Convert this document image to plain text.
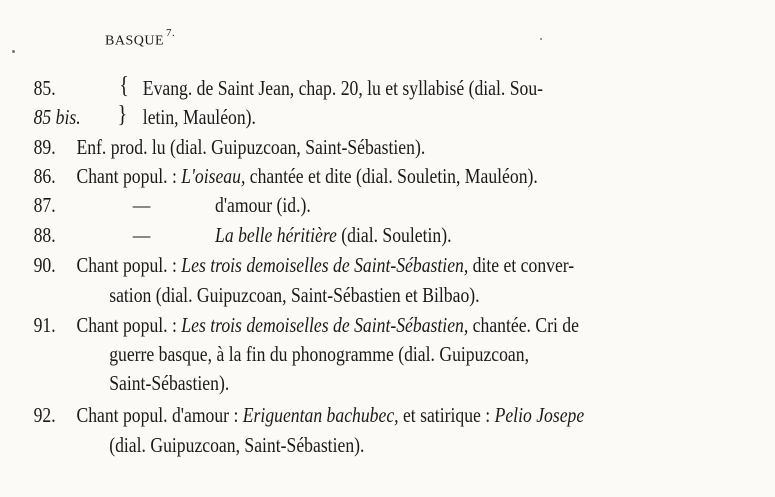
$BASQUE^{7.}$
85.	{ Evang. de Saint Jean, chap. 20, lu et syllabisé (dial. Sou-
85 bis. } letin, Mauléon).
89. Enf. prod. lu (dial. Guipuzcoan, Saint-Sébastien).
86. Chant popul. : L'oiseau, chantée et dite (dial. Souletin, Mauléon).
87.	—	d'amour (id.).
88.	—	La belle héritière (dial. Souletin).
90. Chant popul. : Les trois demoiselles de Saint-Sébastien, dite et conver-
sation (dial. Guipuzcoan, Saint-Sébastien et Bilbao).
91. Chant popul. : Les trois demoiselles de Saint-Sébastien, chantée. Cri de
guerre basque, à la fin du phonogramme (dial. Guipuzcoan,
Saint-Sébastien).
92. Chant popul. d'amour : Eriguentan bachubec, et satirique : Pelio Josepe
(dial. Guipuzcoan, Saint-Sébastien).
